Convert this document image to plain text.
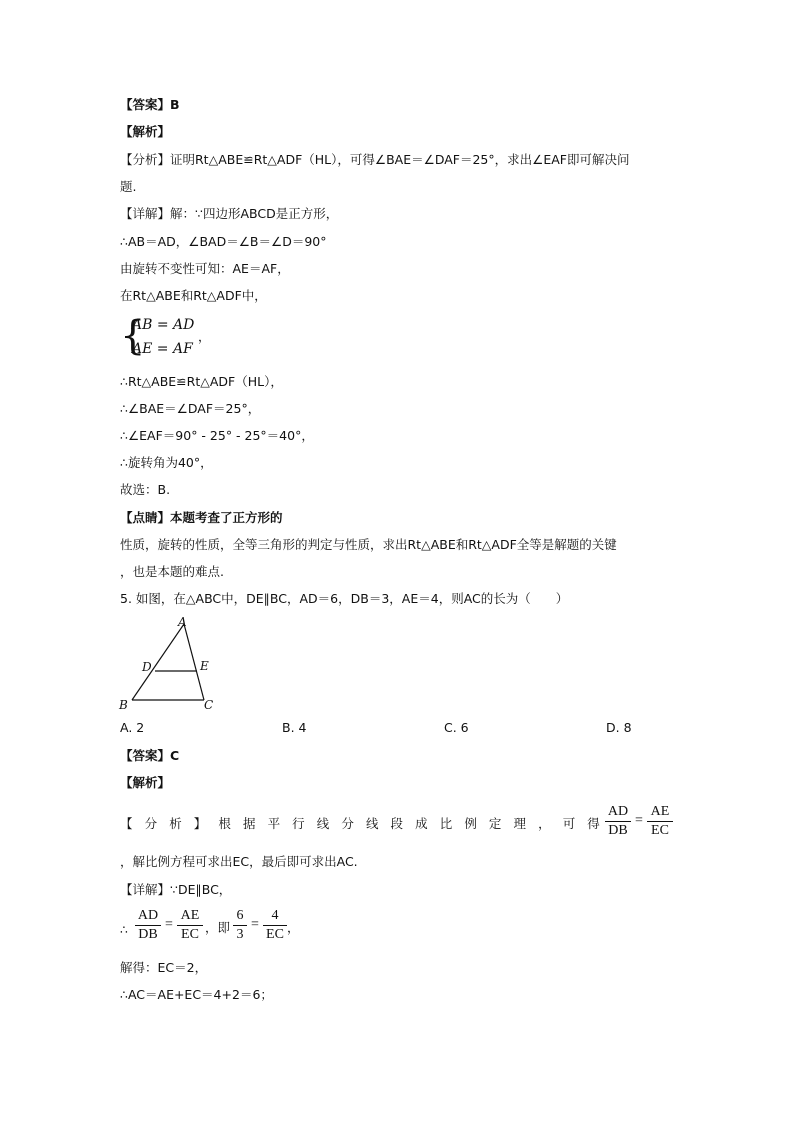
【答案】B
【解析】
【分析】证明Rt△ABE≌Rt△ADF（HL），可得∠BAE＝∠DAF＝25°，求出∠EAF即可解决问
题.
【详解】解：∵四边形ABCD是正方形，
∴AB＝AD，∠BAD＝∠B＝∠D＝90°
由旋转不变性可知：AE＝AF，
在Rt△ABE和Rt△ADF中，
{
AB = AD
AE = AF
，
∴Rt△ABE≌Rt△ADF（HL），
∴∠BAE＝∠DAF＝25°，
∴∠EAF＝90° - 25° - 25°＝40°，
∴旋转角为40°，
故选：B.
【点睛】本题考查了正方形的
性质，旋转的性质，全等三角形的判定与性质，求出Rt△ABE和Rt△ADF全等是解题的关键
，也是本题的难点.
5. 如图，在△ABC中，DE∥BC，AD＝6，DB＝3，AE＝4，则AC的长为（　　）
A
D	E
B	C
A. 2	B. 4	C. 6	D. 8
【答案】C
【解析】
【 分 析 】 根 据 平 行 线 分 线 段 成 比 例 定 理 ， 可 得
AD
DB
=
AE
EC
，解比例方程可求出EC，最后即可求出AC.
【详解】∵DE∥BC，
∴
AD
DB
=
AE
EC ，即
6
3
=
4
EC ，
解得：EC＝2，
∴AC＝AE+EC＝4+2＝6；
